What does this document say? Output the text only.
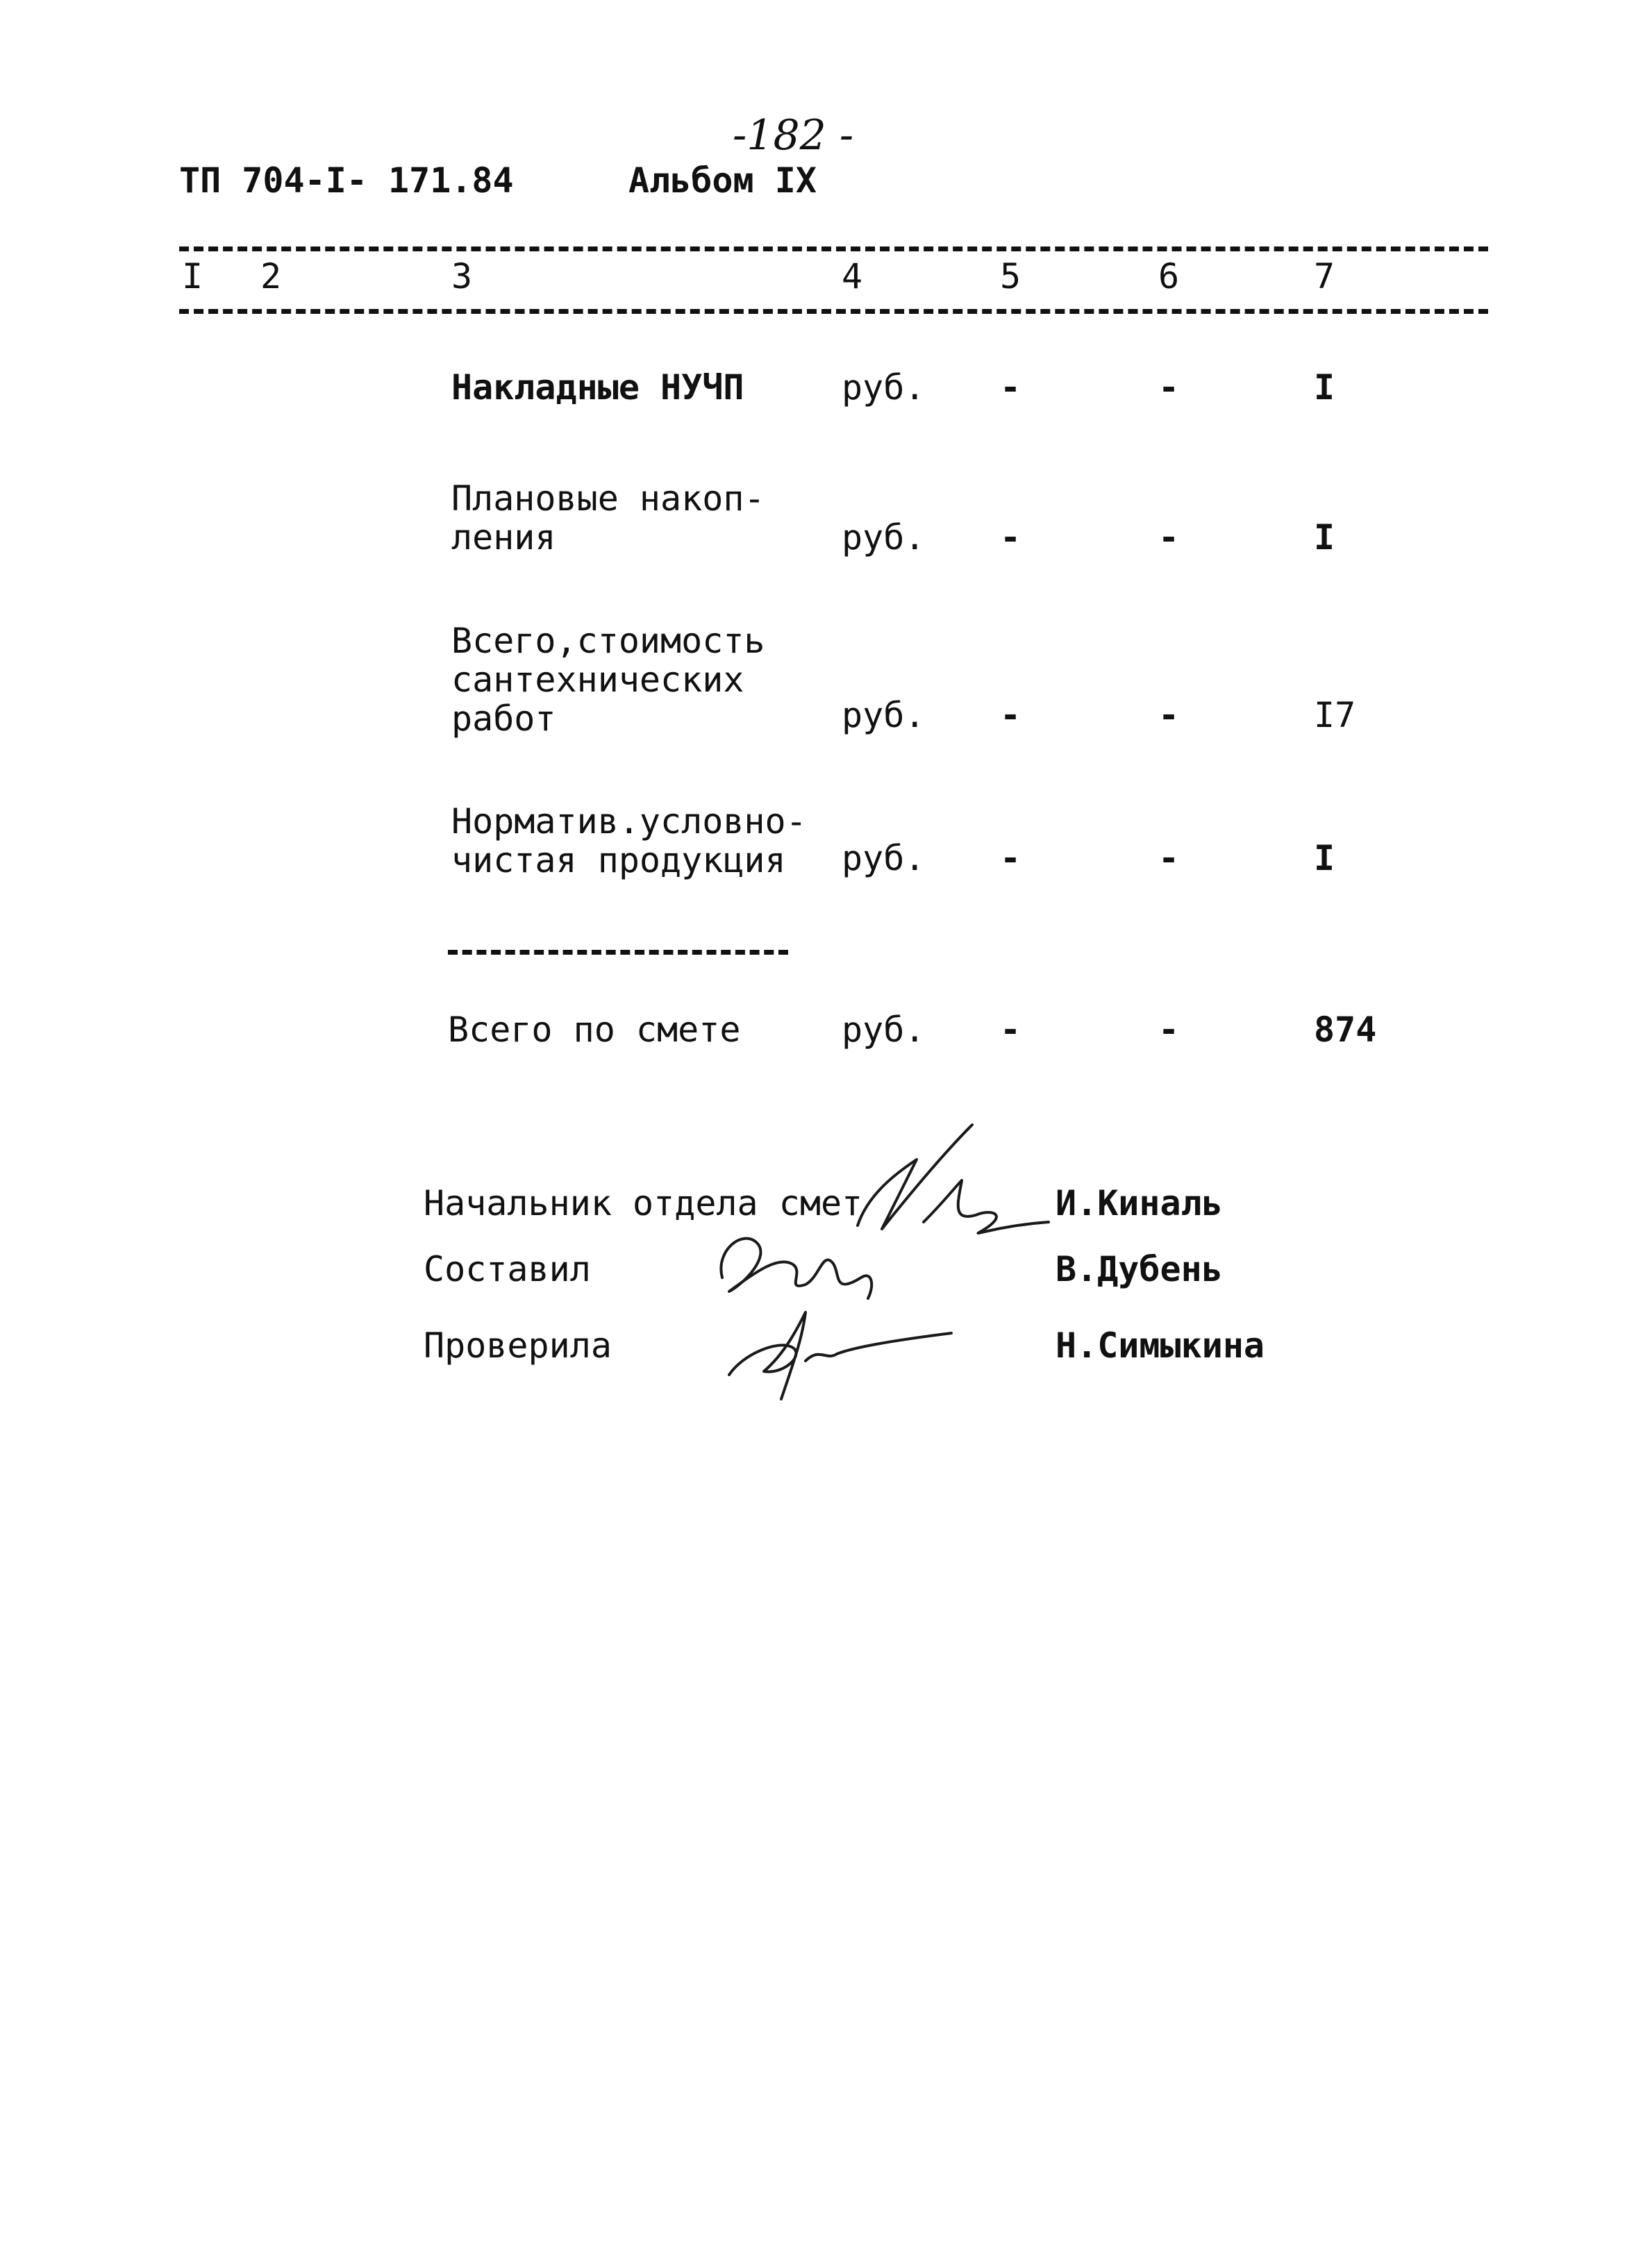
-182 -
ТП 704-I- 171.84	Альбом IX
I 2	3	4	5	6	7
Накладные НУЧП	руб. -	-	I
Плановые накоп-
ления	руб. -	-	I
Всего,стоимость
сантехнических
работ	руб. -	-	I7
Норматив.условно-
чистая продукция	руб. -	-	I
Всего по смете	руб. -	-	874
Начальник отдела смет	И.Киналь
Составил	В.Дубень
Проверила	Н.Симыкина
